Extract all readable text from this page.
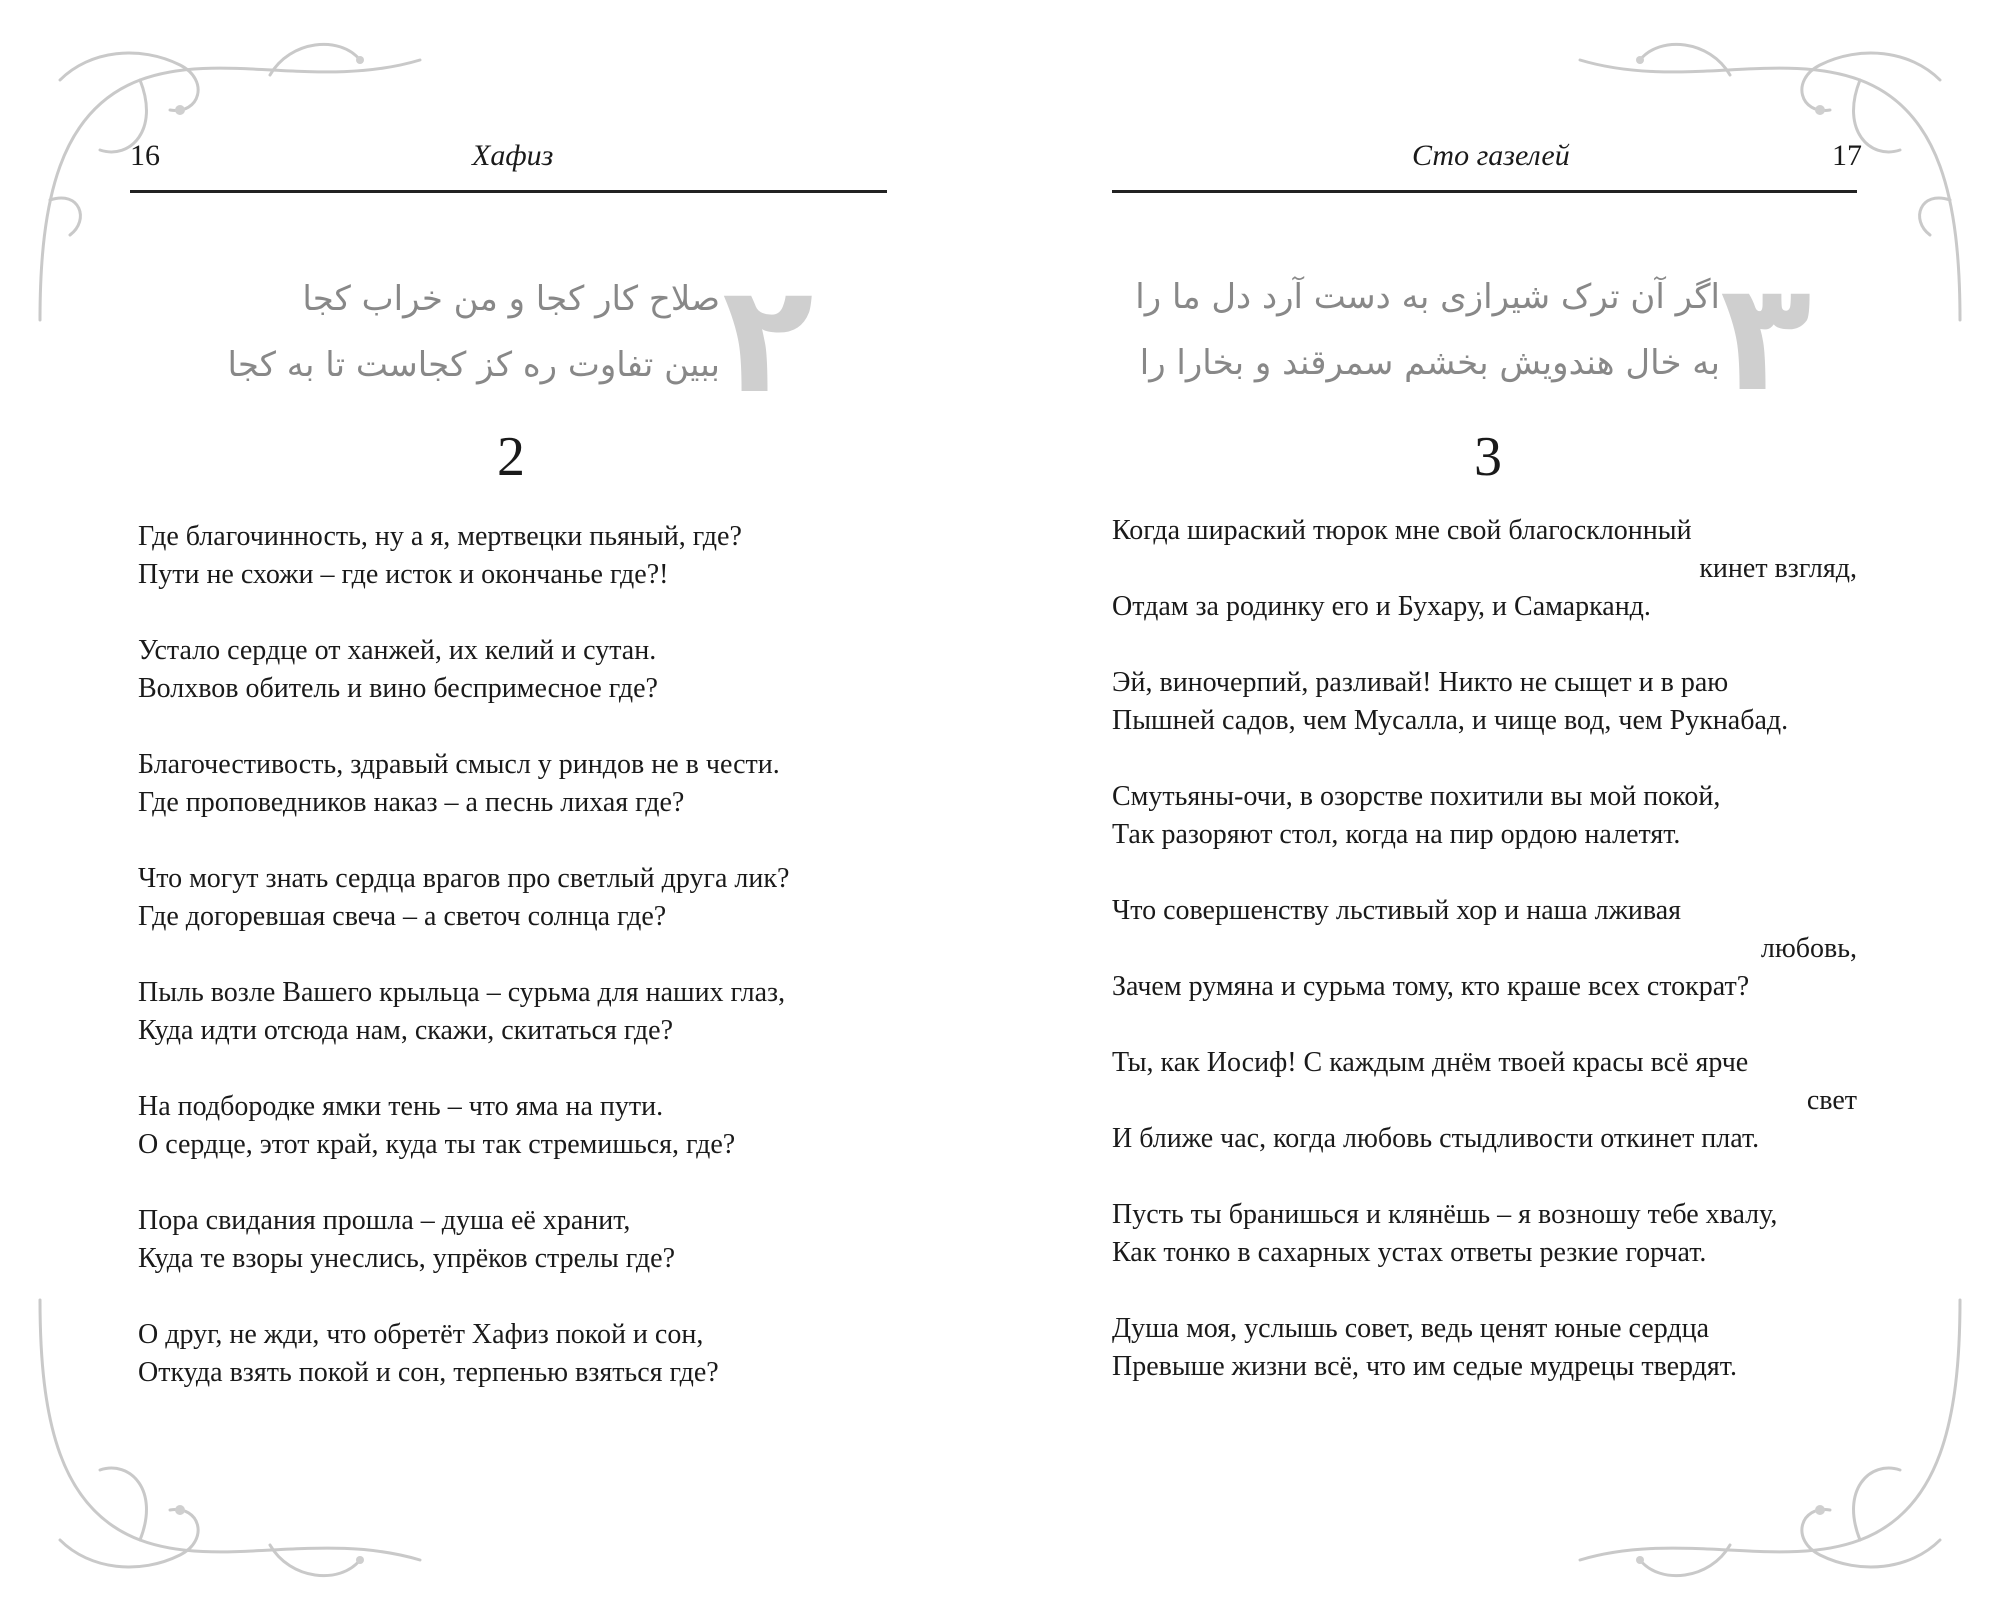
16	Хафиз
۲
صلاح کار کجا و من خراب کجا
ببین تفاوت ره کز کجاست تا به کجا
2
Где благочинность, ну а я, мертвецки пьяный, где?
Пути не схожи – где исток и окончанье где?!
Устало сердце от ханжей, их келий и сутан.
Волхвов обитель и вино беспримесное где?
Благочестивость, здравый смысл у риндов не в чести.
Где проповедников наказ – а песнь лихая где?
Что могут знать сердца врагов про светлый друга лик?
Где догоревшая свеча – а светоч солнца где?
Пыль возле Вашего крыльца – сурьма для наших глаз,
Куда идти отсюда нам, скажи, скитаться где?
На подбородке ямки тень – что яма на пути.
О сердце, этот край, куда ты так стремишься, где?
Пора свидания прошла – душа её хранит,
Куда те взоры унеслись, упрёков стрелы где?
О друг, не жди, что обретёт Хафиз покой и сон,
Откуда взять покой и сон, терпенью взяться где?
Сто газелей	17
۳
اگر آن ترک شیرازی به دست آرد دل ما را
به خال هندویش بخشم سمرقند و بخارا را
3
Когда шираский тюрок мне свой благосклонный
кинет взгляд,
Отдам за родинку его и Бухару, и Самарканд.
Эй, виночерпий, разливай! Никто не сыщет и в раю
Пышней садов, чем Мусалла, и чище вод, чем Рукнабад.
Смутьяны-очи, в озорстве похитили вы мой покой,
Так разоряют стол, когда на пир ордою налетят.
Что совершенству льстивый хор и наша лживая
любовь,
Зачем румяна и сурьма тому, кто краше всех стократ?
Ты, как Иосиф! С каждым днём твоей красы всё ярче
свет
И ближе час, когда любовь стыдливости откинет плат.
Пусть ты бранишься и клянёшь – я возношу тебе хвалу,
Как тонко в сахарных устах ответы резкие горчат.
Душа моя, услышь совет, ведь ценят юные сердца
Превыше жизни всё, что им седые мудрецы твердят.
